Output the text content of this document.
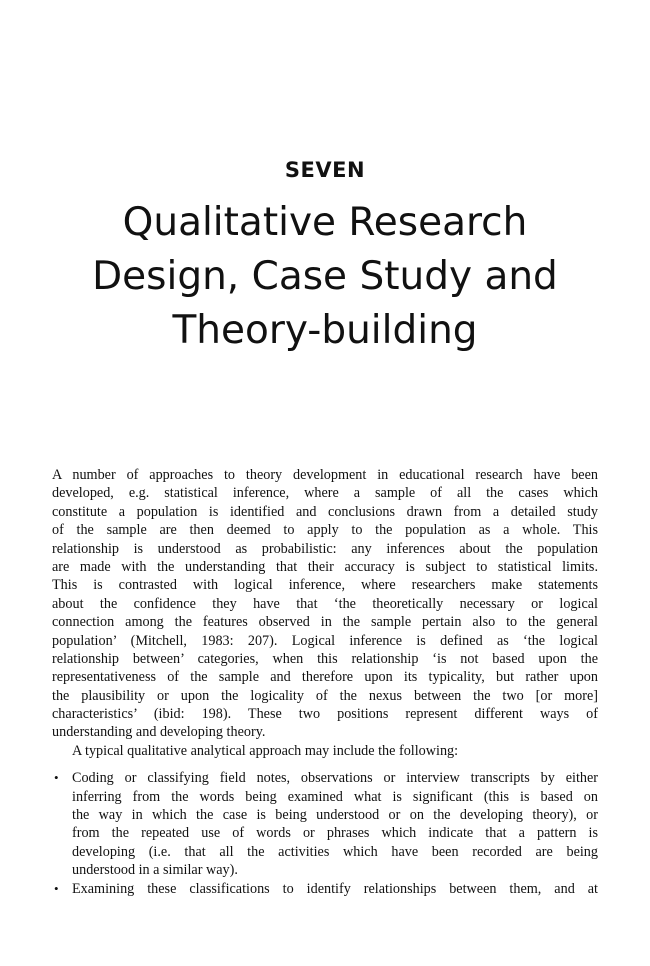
SEVEN
Qualitative Research
Design, Case Study and
Theory-building
A number of approaches to theory development in educational research have been
developed, e.g. statistical inference, where a sample of all the cases which
constitute a population is identified and conclusions drawn from a detailed study
of the sample are then deemed to apply to the population as a whole. This
relationship is understood as probabilistic: any inferences about the population
are made with the understanding that their accuracy is subject to statistical limits.
This is contrasted with logical inference, where researchers make statements
about the confidence they have that ‘the theoretically necessary or logical
connection among the features observed in the sample pertain also to the general
population’ (Mitchell, 1983: 207). Logical inference is defined as ‘the logical
relationship between’ categories, when this relationship ‘is not based upon the
representativeness of the sample and therefore upon its typicality, but rather upon
the plausibility or upon the logicality of the nexus between the two [or more]
characteristics’ (ibid: 198). These two positions represent different ways of
understanding and developing theory.
A typical qualitative analytical approach may include the following:
• Coding or classifying field notes, observations or interview transcripts by either
inferring from the words being examined what is significant (this is based on
the way in which the case is being understood or on the developing theory), or
from the repeated use of words or phrases which indicate that a pattern is
developing (i.e. that all the activities which have been recorded are being
understood in a similar way).
• Examining these classifications to identify relationships between them, and at
